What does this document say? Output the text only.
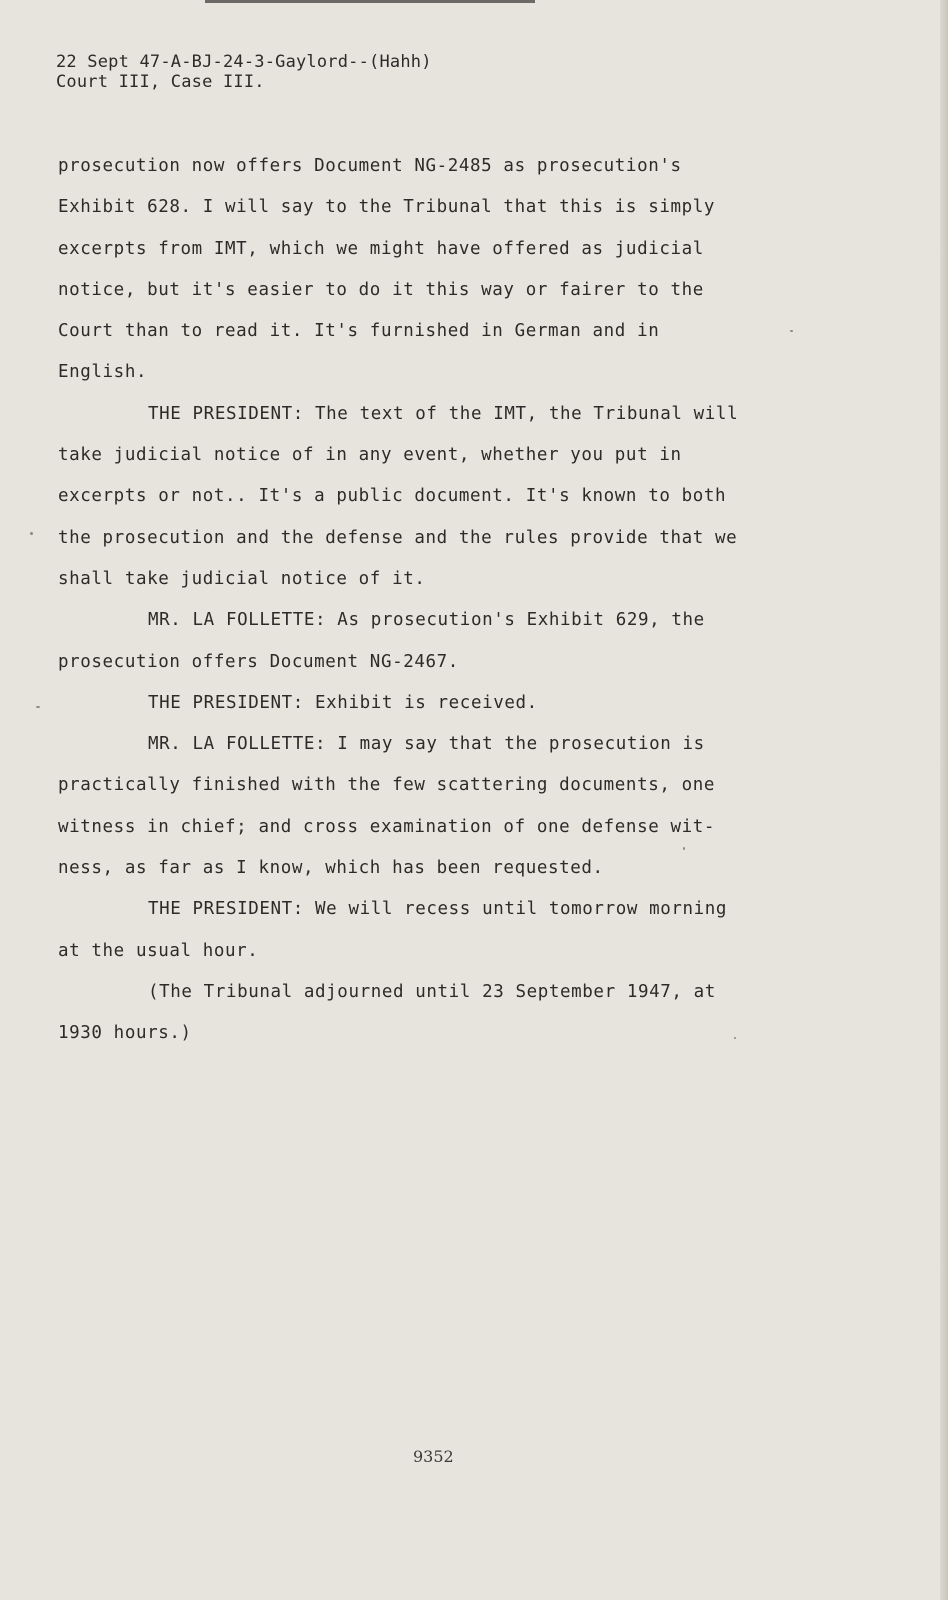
22 Sept 47-A-BJ-24-3-Gaylord--(Hahh)
Court III, Case III.
prosecution now offers Document NG-2485 as prosecution's
Exhibit 628. I will say to the Tribunal that this is simply
excerpts from IMT, which we might have offered as judicial
notice, but it's easier to do it this way or fairer to the
Court than to read it. It's furnished in German and in
English.
THE PRESIDENT: The text of the IMT, the Tribunal will
take judicial notice of in any event, whether you put in
excerpts or not.. It's a public document. It's known to both
the prosecution and the defense and the rules provide that we
shall take judicial notice of it.
MR. LA FOLLETTE: As prosecution's Exhibit 629, the
prosecution offers Document NG-2467.
THE PRESIDENT: Exhibit is received.
MR. LA FOLLETTE: I may say that the prosecution is
practically finished with the few scattering documents, one
witness in chief; and cross examination of one defense wit-
ness, as far as I know, which has been requested.
THE PRESIDENT: We will recess until tomorrow morning
at the usual hour.
(The Tribunal adjourned until 23 September 1947, at
1930 hours.)
9352
